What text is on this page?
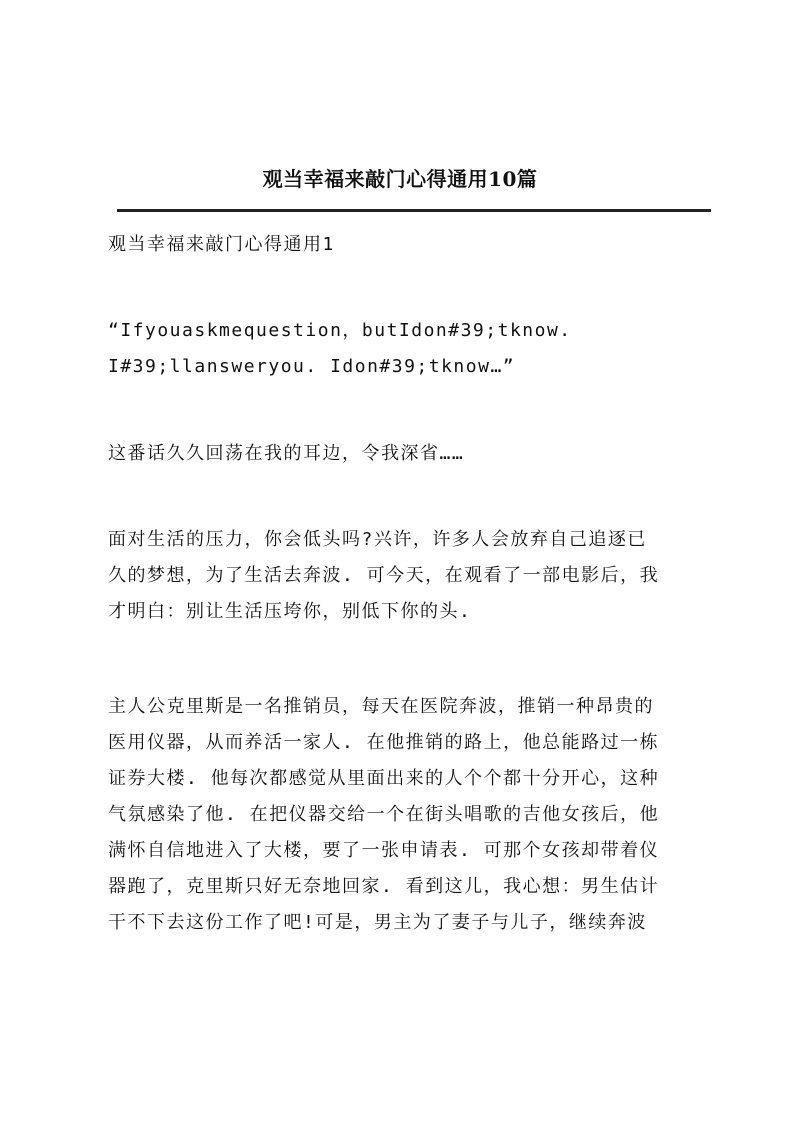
观当幸福来敲门心得通用10篇

观当幸福来敲门心得通用1

“Ifyouaskmequestion，butIdon#39;tknow.
I#39;llansweryou. Idon#39;tknow…”

这番话久久回荡在我的耳边，令我深省……

面对生活的压力，你会低头吗?兴许，许多人会放弃自己追逐已
久的梦想，为了生活去奔波. 可今天，在观看了一部电影后，我
才明白：别让生活压垮你，别低下你的头.

主人公克里斯是一名推销员，每天在医院奔波，推销一种昂贵的
医用仪器，从而养活一家人. 在他推销的路上，他总能路过一栋
证券大楼. 他每次都感觉从里面出来的人个个都十分开心，这种
气氛感染了他. 在把仪器交给一个在街头唱歌的吉他女孩后，他
满怀自信地进入了大楼，要了一张申请表. 可那个女孩却带着仪
器跑了，克里斯只好无奈地回家. 看到这儿，我心想：男生估计
干不下去这份工作了吧!可是，男主为了妻子与儿子，继续奔波
